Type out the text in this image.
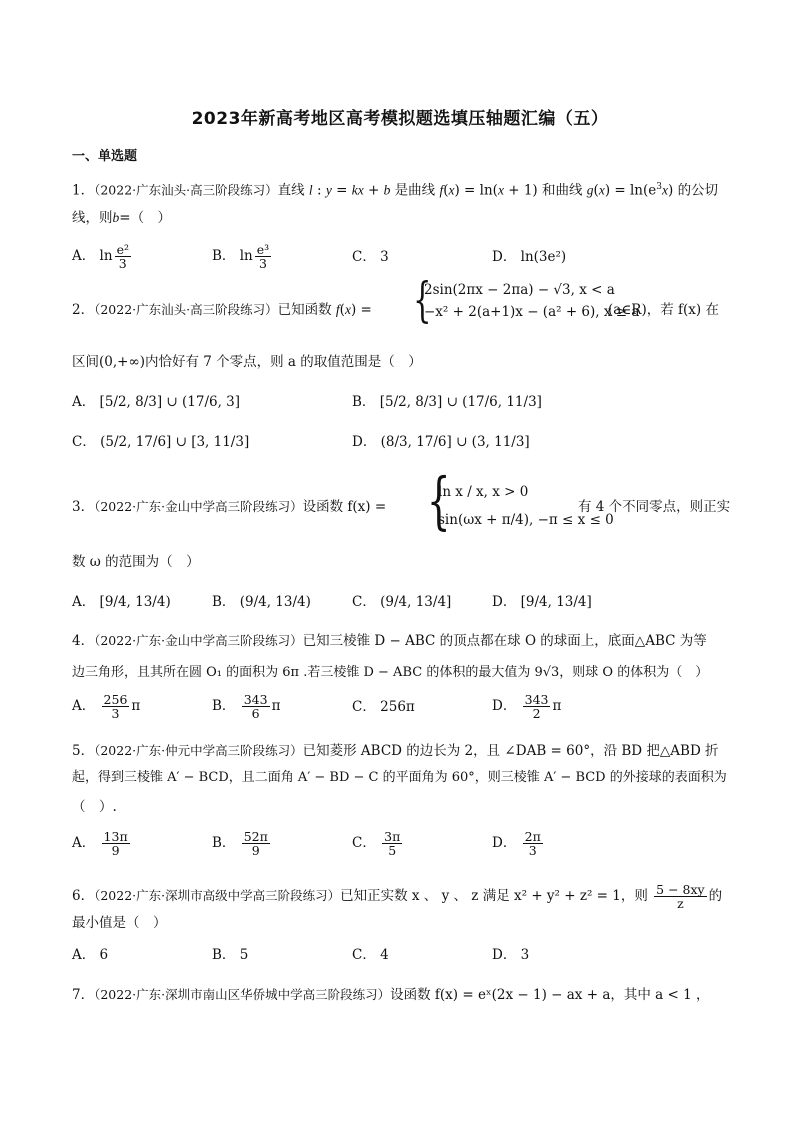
2023年新高考地区高考模拟题选填压轴题汇编（五）
一、单选题
1．（2022·广东汕头·高三阶段练习）直线 l : y = kx + b 是曲线 f(x) = ln(x + 1) 和曲线 $g(x) = \ln(e^3x)$ 的公切
线，则b=（　）
A． $\ln \frac{\text{e²}}{3}$	B． $\ln \frac{\text{e³}}{3}$	C． 3	D． ln(3e²)
2．（2022·广东汕头·高三阶段练习）已知函数 f(x) = {
2sin(2πx − 2πa) − √3, x < a
−x² + 2(a+1)x − (a² + 6), x ≥ a
(a∈R)，若 f(x) 在
区间(0,+∞)内恰好有 7 个零点，则 a 的取值范围是（　）
A． [5/2, 8/3] ∪ (17/6, 3]	B． [5/2, 8/3] ∪ (17/6, 11/3]
C． (5/2, 17/6] ∪ [3, 11/3]	D． (8/3, 17/6] ∪ (3, 11/3]
3．（2022·广东·金山中学高三阶段练习）设函数 f(x) = {
ln x / x, x > 0
sin(ωx + π/4), −π ≤ x ≤ 0
有 4 个不同零点，则正实
数 ω 的范围为（　）
A． [9/4, 13/4)	B． (9/4, 13/4)	C． (9/4, 13/4]	D． [9/4, 13/4]
4．（2022·广东·金山中学高三阶段练习）已知三棱锥 D − ABC 的顶点都在球 O 的球面上，底面△ABC 为等
边三角形，且其所在圆 O₁ 的面积为 6π .若三棱锥 D − ABC 的体积的最大值为 9√3，则球 O 的体积为（　）
A． $\frac{256}{3}$ π	B． $\frac{343}{6}$ π	C． 256π	D． $\frac{343}{2}$ π
5．（2022·广东·仲元中学高三阶段练习）已知菱形 ABCD 的边长为 2，且 ∠DAB = 60°，沿 BD 把△ABD 折
起，得到三棱锥 A′ − BCD，且二面角 A′ − BD − C 的平面角为 60°，则三棱锥 A′ − BCD 的外接球的表面积为
（　）.
A． $\frac{13\pi}{9}$	B． $\frac{52\pi}{9}$	C． $\frac{3\pi}{5}$	D． $\frac{2\pi}{3}$
6．（2022·广东·深圳市高级中学高三阶段练习）已知正实数 x 、 y 、 z 满足 x² + y² + z² = 1，则 $\frac{5 - 8xy}{z}$ 的
最小值是（　）
A． 6	B． 5	C． 4	D． 3
7．（2022·广东·深圳市南山区华侨城中学高三阶段练习）设函数 f(x) = eˣ(2x − 1) − ax + a，其中 a < 1 ，
